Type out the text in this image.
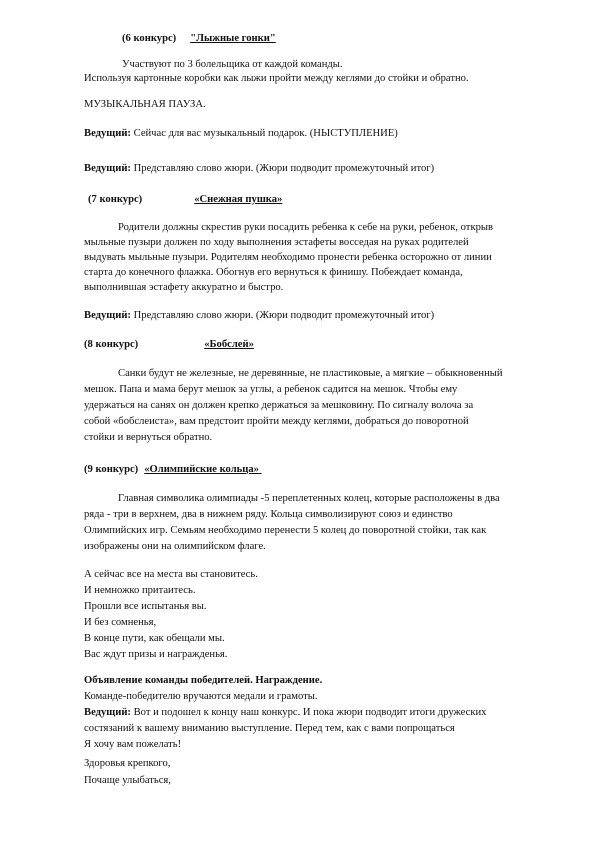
(6 конкурс) "Лыжные гонки"
Участвуют по 3 болельщика от каждой команды.
Используя картонные коробки как лыжи пройти между кеглями до стойки и обратно.
МУЗЫКАЛЬНАЯ ПАУЗА.
Ведущий: Сейчас для вас музыкальный подарок. (НЫСТУПЛЕНИЕ)
Ведущий: Представляю слово жюри. (Жюри подводит промежуточный итог)
(7 конкурс)	«Снежная пушка»
Родители должны скрестив руки посадить ребенка к себе на руки, ребенок, открыв
мыльные пузыри должен по ходу выполнения эстафеты восседая на руках родителей
выдувать мыльные пузыри. Родителям необходимо пронести ребенка осторожно от линии
старта до конечного флажка. Обогнув его вернуться к финишу. Побеждает команда,
выполнившая эстафету аккуратно и быстро.
Ведущий: Представляю слово жюри. (Жюри подводит промежуточный итог)
(8 конкурс)	«Бобслей»
Санки будут не железные, не деревянные, не пластиковые, а мягкие – обыкновенный
мешок. Папа и мама берут мешок за углы, а ребенок садится на мешок. Чтобы ему
удержаться на санях он должен крепко держаться за мешковину. По сигналу волоча за
собой «бобслеиста», вам предстоит пройти между кеглями, добраться до поворотной
стойки и вернуться обратно.
(9 конкурс) «Олимпийские кольца»
Главная символика олимпиады -5 переплетенных колец, которые расположены в два
ряда - три в верхнем, два в нижнем ряду. Кольца символизируют союз и единство
Олимпийских игр. Семьям необходимо перенести 5 колец до поворотной стойки, так как
изображены они на олимпийском флаге.
А сейчас все на места вы становитесь.
И немножко притаитесь.
Прошли все испытанья вы.
И без сомненья,
В конце пути, как обещали мы.
Вас ждут призы и награжденья.
Объявление команды победителей. Награждение.
Команде-победителю вручаются медали и грамоты.
Ведущий: Вот и подошел к концу наш конкурс. И пока жюри подводит итоги дружеских
состязаний к вашему вниманию выступление. Перед тем, как с вами попрощаться
Я хочу вам пожелать!
Здоровья крепкого,
Почаще улыбаться,
